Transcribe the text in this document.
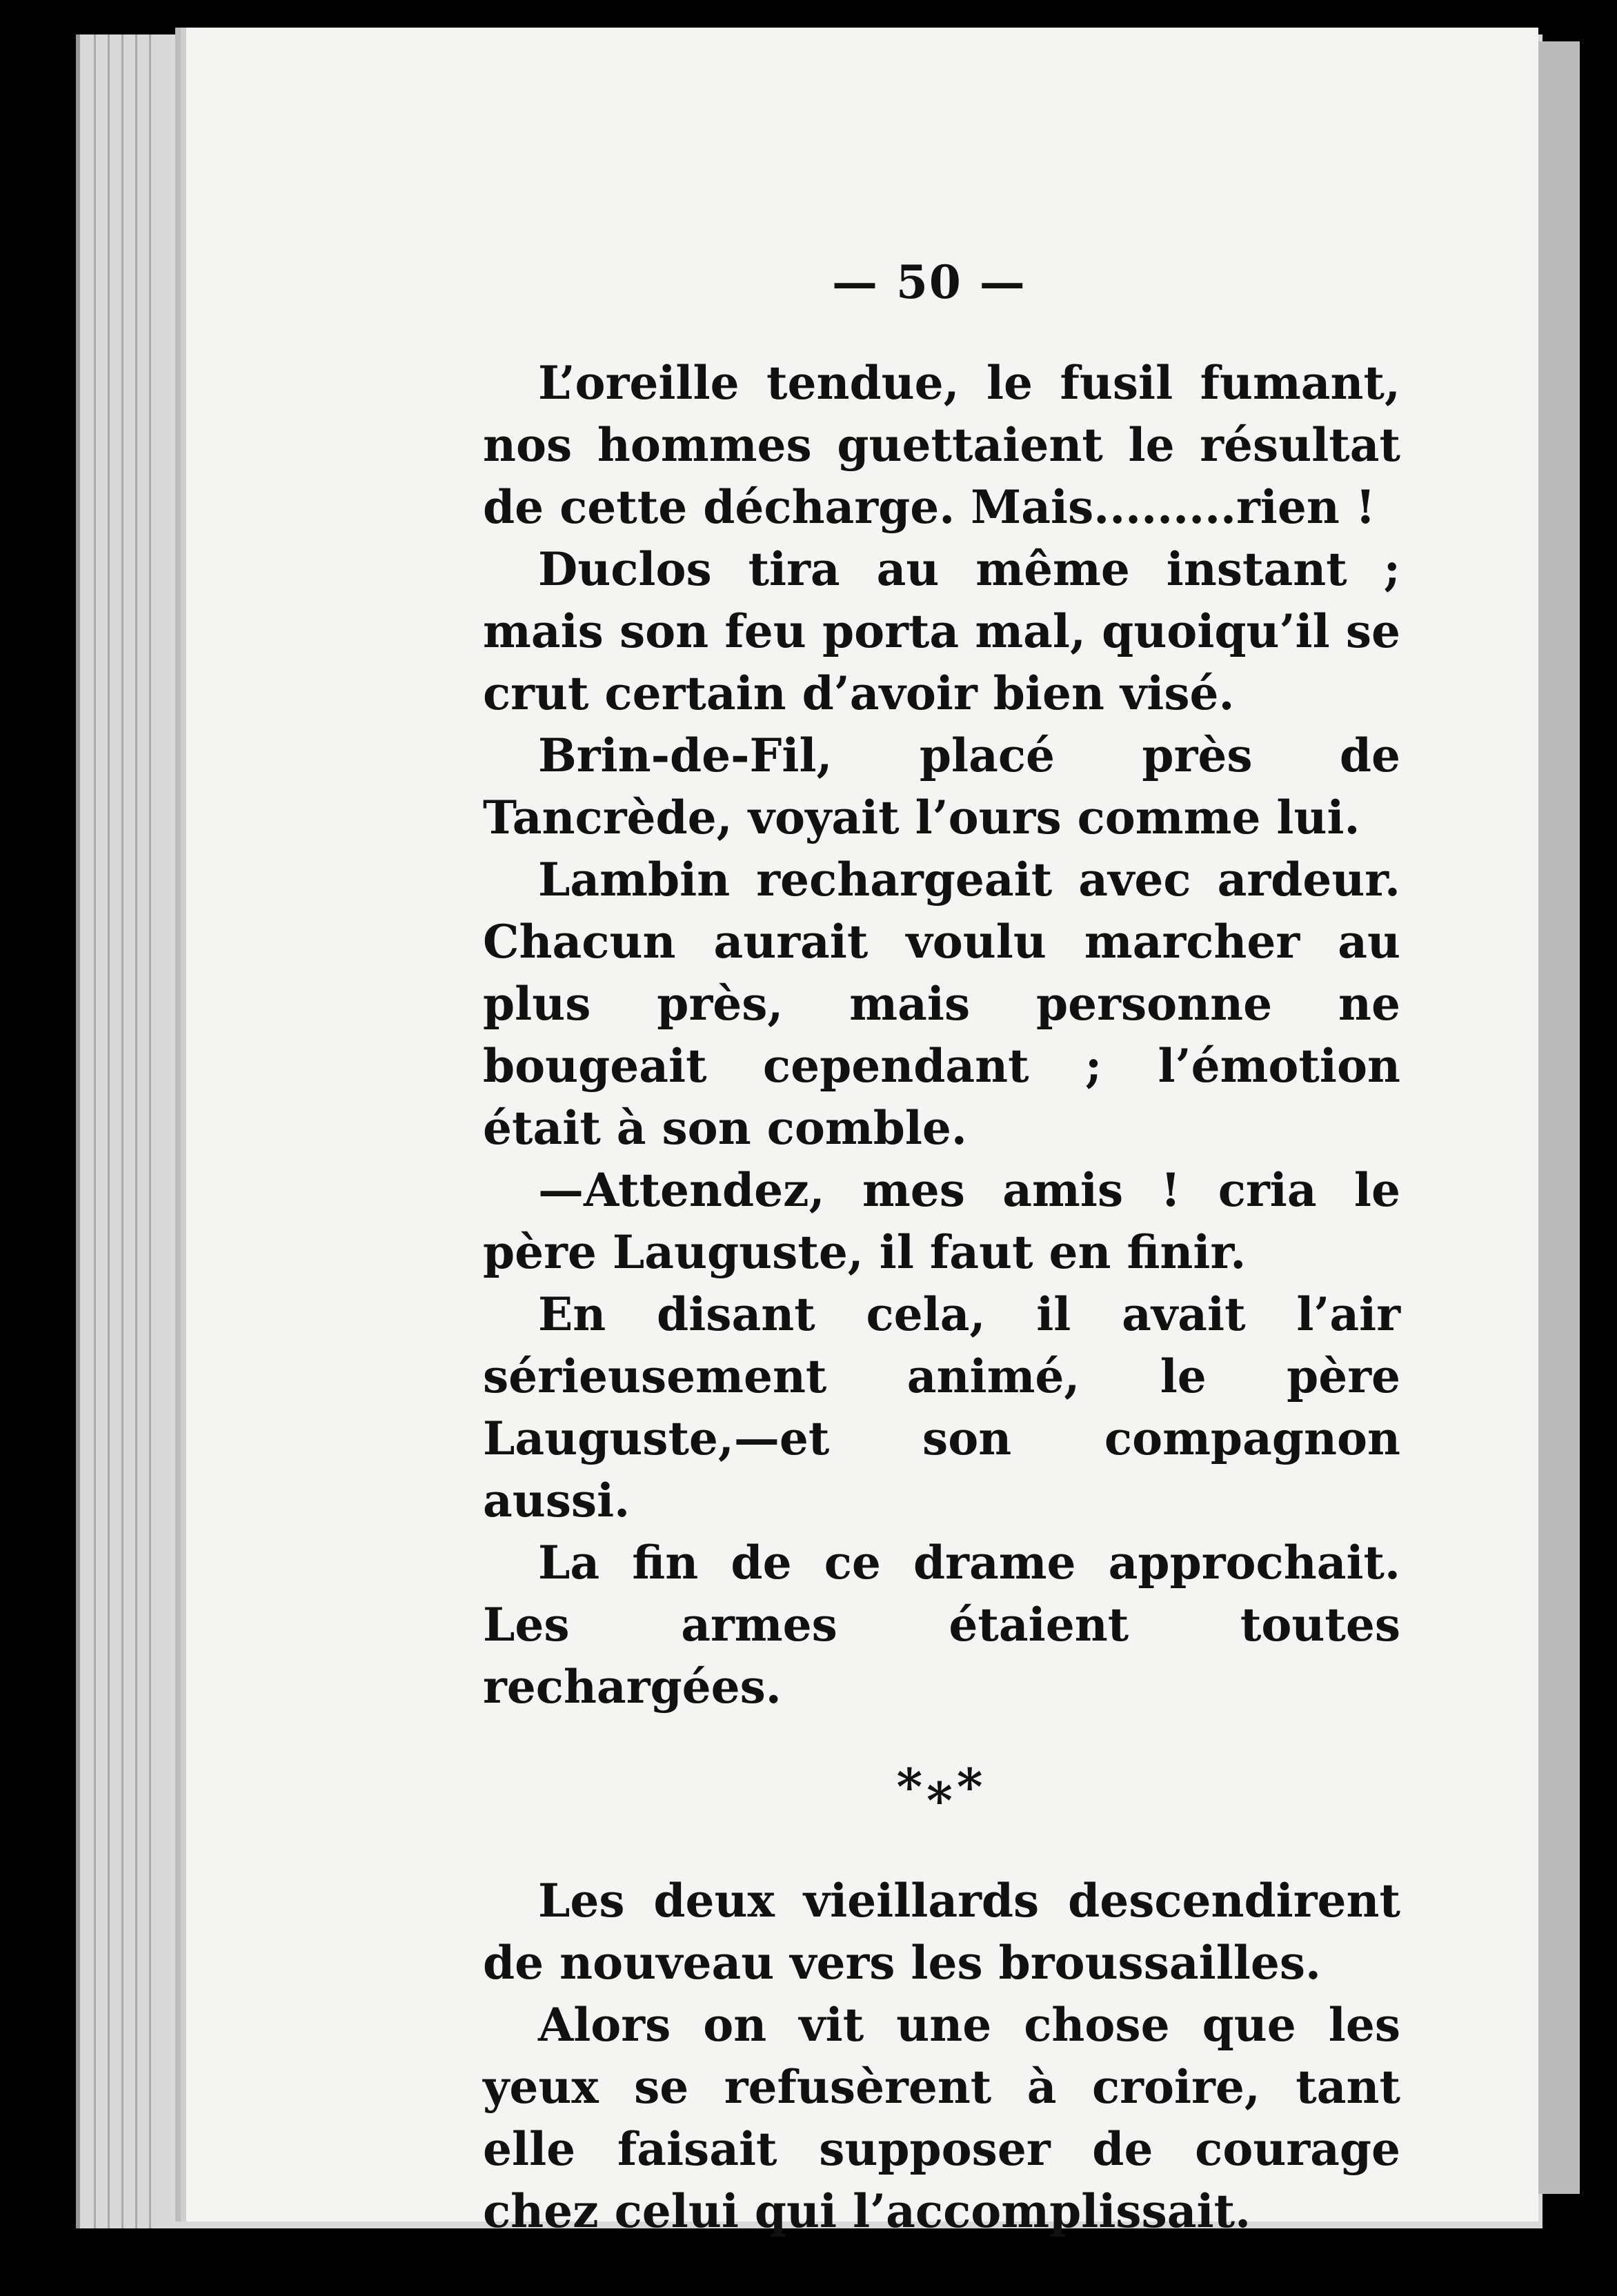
— 50 —

L’oreille tendue, le fusil fumant, nos hommes guettaient le résultat de cette décharge. Mais.........rien !

Duclos tira au même instant ; mais son feu porta mal, quoiqu’il se crut certain d’avoir bien visé.

Brin-de-Fil, placé près de Tancrède, voyait l’ours comme lui.

Lambin rechargeait avec ardeur. Chacun aurait voulu marcher au plus près, mais personne ne bougeait cependant ; l’émotion était à son comble.

—Attendez, mes amis ! cria le père Lauguste, il faut en finir.

En disant cela, il avait l’air sérieusement animé, le père Lauguste,—et son compagnon aussi.

La fin de ce drame approchait. Les armes étaient toutes rechargées.

***

Les deux vieillards descendirent de nouveau vers les broussailles.

Alors on vit une chose que les yeux se refusèrent à croire, tant elle faisait supposer de courage chez celui qui l’accomplissait.
